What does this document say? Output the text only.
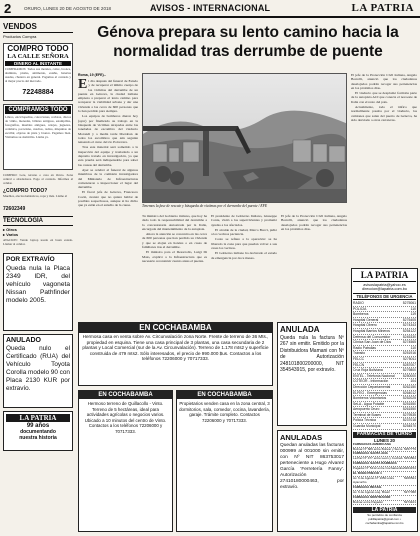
2	ORURO, LUNES 20 DE AGOSTO DE 2018	AVISOS - INTERNACIONAL	LA PATRIA
VENDOS
Productos Compra
COMPRO TODO
LA CALLE SEÑORA
DINERO AL INSTANTE
COMPRAMOS: Todos sus metales, cobre, bronce, aluminio, plomo, antimonio, estaño, baterías usadas, chatarra en general. Pagamos al contado y al mejor precio del mercado.
72248884
COMPRAMOS TODO
Libros, enciclopedias, colecciones, revistas, discos de vinilo, monedas, billetes antiguos, estampillas, fotografías, muebles antiguos, relojes, juguetes, cerámica, porcelana, cuadros, radios, máquinas de escribir, objetos de plata y bronce. Pagamos bien. Visitamos su domicilio. Llame ya.
COMPRO: Lote, terreno o casa en Oruro. Zona central o alrededores. Pago al contado. Informes al celular.
¿COMPRO TODO?
Muebles, electrodomésticos, ropa y más. Llame al
72602349
TECNOLOGÍA
▸ Otros
▸ Varios
ATACION: Vendo laptop usada en buen estado. Llamar al celular.
POR EXTRAVÍO
Queda nula la Placa 2349 IDR, del vehículo vagoneta Nissan Pathfinder modelo 2005.
ANULADO
Queda nulo el Certificado (RUA) del Vehículo Toyota Corolla modelo 90 con Placa 2130 KUR por extravío.
LA PATRIA
99 años
documentando
nuestra historia
Génova prepara su lento camino hacia la normalidad tras derrumbe de puente
Roma, 19 (EFE).-
E l día después del funeral de Estado y de recuperar el último cuerpo de las víctimas del derrumbe de un puente en Génova, la ciudad italiana empieza a preparar el lento camino para recuperar la viabilidad urbana y dar una vivienda a las cerca de 600 personas que lo han perdido para siempre.

Los equipos de bomberos dieron hoy (ayer) por finalizado su trabajo en la búsqueda de víctimas atrapadas entre las toneladas de escombro del viaducto Morandi y a media tarde liberaban de todos los escombros que aún seguían tensando el curso del río Polcevera.

Tras este material será sometido a la inspección del equipo y trasladado a un depósito tratado en investigación, ya que esta prueba será indispensable para saber las causas del derrumbe.

Ayer se celebró el funeral de algunos miembros de la comisión investigadora del Ministerio de Infraestructuras comenzaron a inspeccionar el lugar del derrumbe.

El fiscal jefe de Génova, Francesco Cozzi, avanzó que no quiere hablar de posibles sospechosos, aunque sí ha dicho que ya están en el estudio de la causa.	Tenemos la fase de rescate y búsqueda de víctimas por el derrumbe del puente / EFE

El jefe de la Protección Civil italiana, Angelo Borrelli, anunció que los ciudadanos desalojados podrán recoger sus pertenencias en los próximos días.

El viaducto que se desplomó formaba parte de la autopista A10 que conecta el noroeste de Italia con el resto del país.

Actualmente, todo el tráfico que normalmente pasaba por el viaducto, los camiones que salen del puerto de Génova, ha sido desviado a otras carreteras.

Tu ministro del Gobierno italiano, que hoy ha dado todo la responsabilidad del derrumbe a la concesionaria Autostrade per la Italia, encargada del mantenimiento de la autopista.

Ahora la atención se concentra en las cerca de 600 personas que han perdido su vivienda y que se alojan en hoteles o en casas de familiares tras el derrumbe.

El ministro para el Desarrollo, Luigi Di Maio, explicó a la Infraestructura que es necesario reconstruir cuanto antes el puente.

El presidente de Gobierno Italiano, Giuseppe Conte, visitó a los supervivientes y prometió ayudas a los afectados.

El alcalde de la ciudad, Marco Bucci, pidió a los vecinos paciencia.

Costo se refiere a la operación: se ha liberado la zona para que puedan volver a sus casas los vecinos.

El Gobierno italiano ha declarado el estado de emergencia por doce meses.

El jefe de la Protección Civil italiana, Angelo Borrelli, anunció que los ciudadanos desalojados podrán recoger sus pertenencias en los próximos días.

EN COCHABAMBA
Hermosa casa en venta sobre Av. Circunvalación zona Norte. Frente de terreno de 36 Mts., propiedad en esquina. Tiene una casa principal de 3 plantas, una casa secundaria de 2 plantas y Local Comercial (sur de la Av. Circunvalación). Terreno de 1.178 mts2 y superficie construida de 479 mts2. Sólo interesados, el precio de 990.000 $us. Contactos a los teléfonos 72206000 y 70717333.
EN COCHABAMBA
Hermoso terreno de Quillacollo - Vinto. Terreno de 5 hectáreas, ideal para actividades agrícolas o negocios varios. Ubicado a 10 minutos del centro de Vinto. Contactos a los teléfonos 72206000 y 70717333.
EN COCHABAMBA
Propietarios venden casa en la zona central, 3 dormitorios, sala, comedor, cocina, lavandería, garaje. Trámite completo. Contactos 72206000 y 70717333.
ANULADA
Queda nula la factura Nº 267 sin emitir. Emitido por la Distribuidora Mamani con Nº de Autorización 248101800200000, NIT 354543915, por extravío.
ANULADAS
Quedan anuladas las facturas 000999 al 001000 sin emitir, con Nº NIT 863753017 perteneciente a Hugo Alvarez García 'Ferretería Fanny'. Autorización 27410180000463, por extravío.
LA PATRIA
avisoslapatria@yahoo.es
direccion@lapatria.com.bo
TELÉFONOS DE URGENCIA
RADIO	5275061
POLICÍA	110
Bomberos	119
Hospital General	5275405
Hospital Obrero	5274343
Hospital Barrios Mineros	5254122
Defensa del Consumidor	5245330
Clínica San Juan de Dios	5274565
Radio Patrullas	110
Tránsito	5251916
FELCC	5275011
FELCN	5287007
Cruz Roja Boliviana	5279800
ENTEL - Telefonía Nacional 5250000
COTEOR - Información	104
Dirección Departamental	5262150
ELFEO - Emergencias	5264012
Bomberos Voluntarios	5252025
SeLA - Agua Potable	5251550
Aeropuerto Oruro	5261550
Terminal de Buses	5279535
Policía Técnica	5237018
Guardia Municipal	5254570
FARMACIAS DE TURNO
LUNES 20
FARMACIAS AMERICANA
Bolívar Nº 689 entre Bolivar y Sucre 5257779
FARMACIA SANTA ANA
La Paz Nº 477 entre León y Cochab. 5254564
FARMACIA SANTA BÁRBARA
Pagador Nº 5412 entre Cochabamba 5264154
EL BUEN PRECIO 1
Av. 6 de Agosto Nº 1650 entre Ayacucho
5266521
FARMACIA BRASIL
Av. 6 de Agosto esq. Brasil	5277458
FARMACIA MOSTRADOR
Bolívar entre Pagador	5274101
LA PATRIA
Su periódico de confianza
publilapatria@gmail.com • cochabamba@lapatria.com.bo
